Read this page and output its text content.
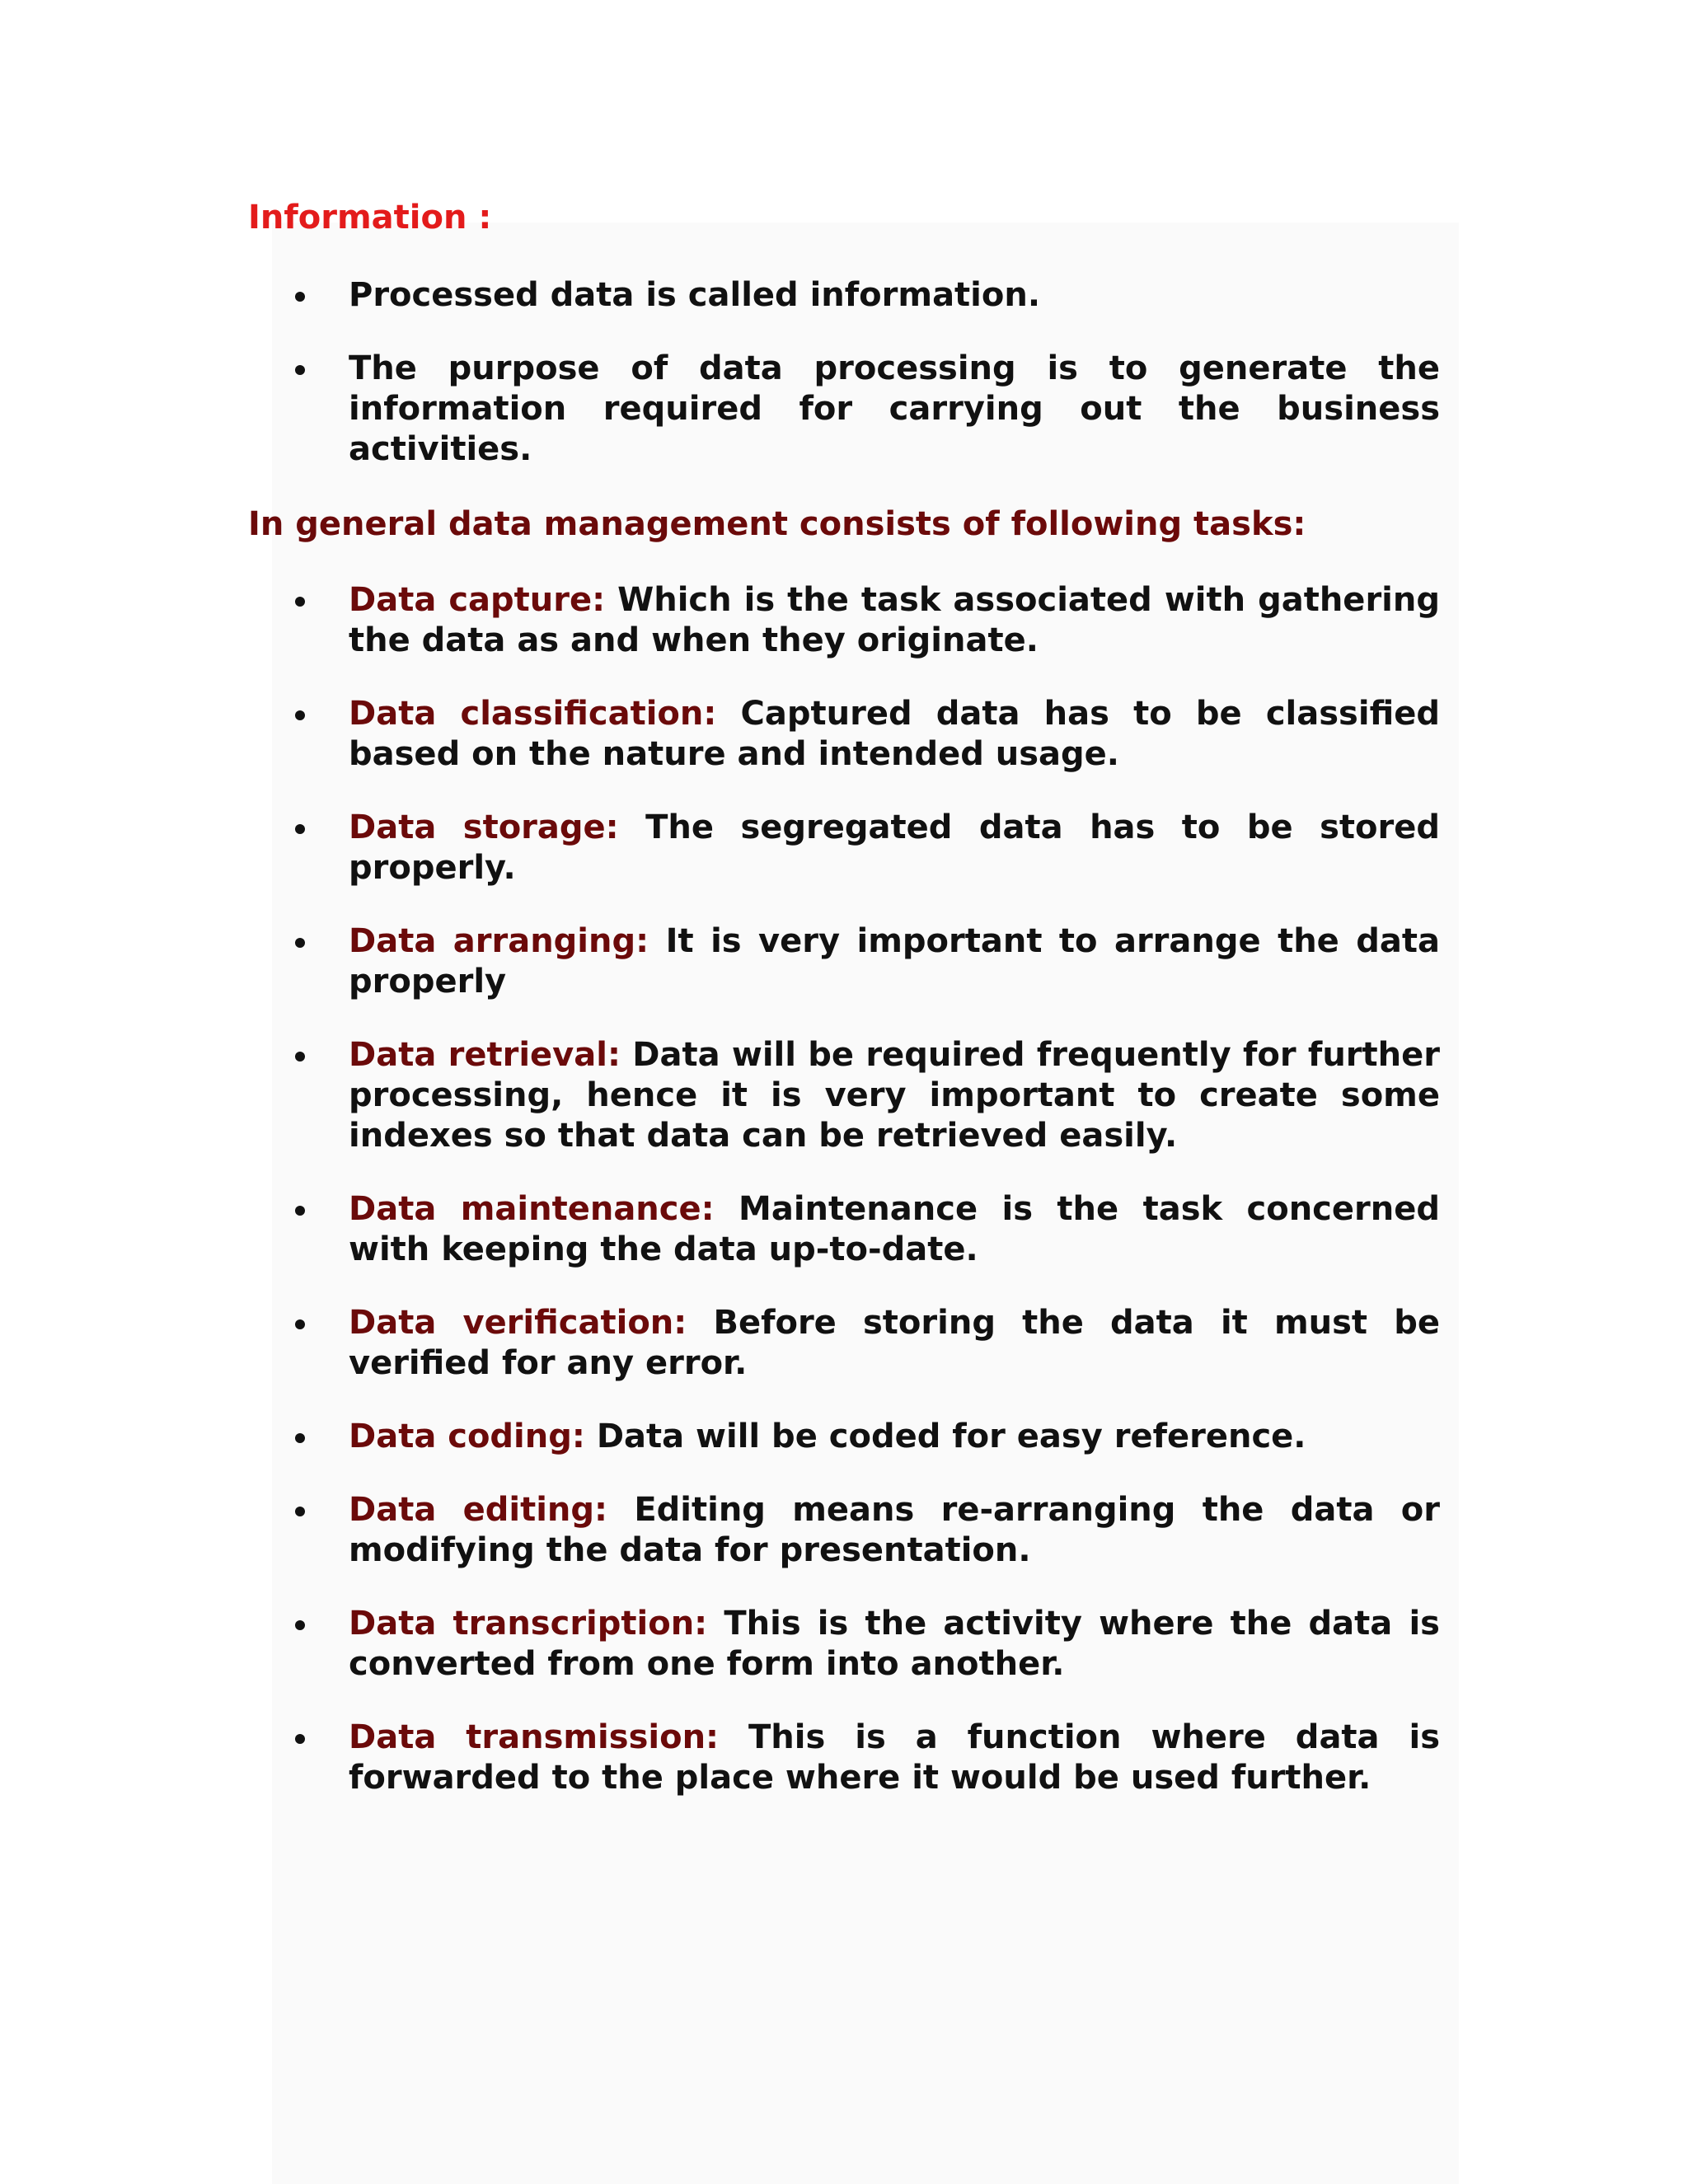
Information :
Processed data is called information.
The purpose of data processing is to generate the information required for carrying out the business activities.
In general data management consists of following tasks:
Data capture: Which is the task associated with gathering the data as and when they originate.
Data classification: Captured data has to be classified based on the nature and intended usage.
Data storage: The segregated data has to be stored properly.
Data arranging: It is very important to arrange the data properly
Data retrieval: Data will be required frequently for further processing, hence it is very important to create some indexes so that data can be retrieved easily.
Data maintenance: Maintenance is the task concerned with keeping the data up-to-date.
Data verification: Before storing the data it must be verified for any error.
Data coding: Data will be coded for easy reference.
Data editing: Editing means re-arranging the data or modifying the data for presentation.
Data transcription: This is the activity where the data is converted from one form into another.
Data transmission: This is a function where data is forwarded to the place where it would be used further.
